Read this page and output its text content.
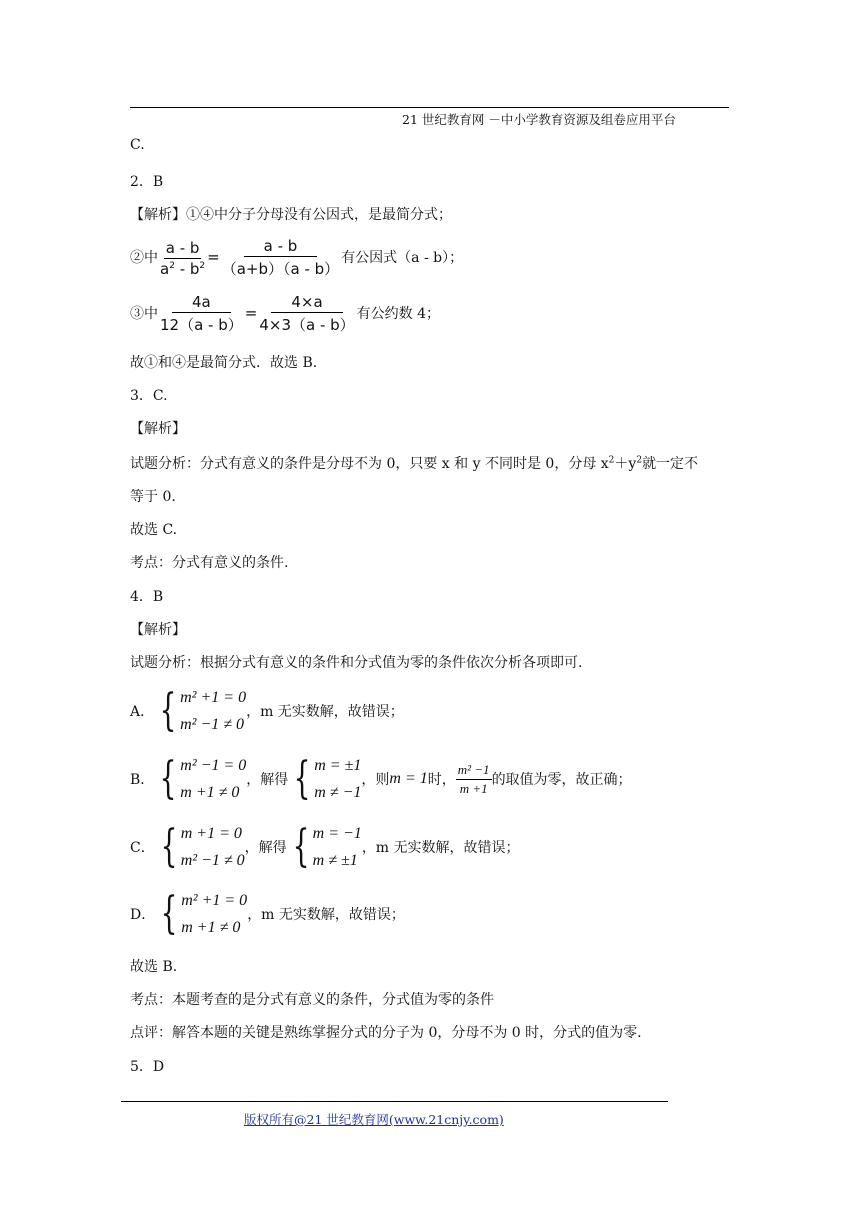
21 世纪教育网 －中小学教育资源及组卷应用平台
C.
2．B
【解析】①④中分子分母没有公因式，是最简分式；
②中 $\frac{a - b}{a^2 - b^2} = \frac{a - b}{(a+b)(a - b)}$ 有公因式（a - b）；
③中 $\frac{4a}{12(a - b)} = \frac{4\times a}{4\times 3(a - b)}$ 有公约数 4；
故①和④是最简分式．故选 B.
3．C.
【解析】
试题分析：分式有意义的条件是分母不为 0，只要 x 和 y 不同时是 0，分母 $x^2+y^2$就一定不
等于 0.
故选 C.
考点：分式有意义的条件.
4．B
【解析】
试题分析：根据分式有意义的条件和分式值为零的条件依次分析各项即可.
A． { m² +1 = 0
m² −1 ≠ 0
，m 无实数解，故错误；
B． { m² −1 = 0
m +1 ≠ 0
，解得 { m = ±1
m ≠ −1
，则m = 1时， $\frac{\text{m² −1}}{m +1}$ 的取值为零，故正确；
C． { m +1 = 0
m² −1 ≠ 0
，解得 { m = −1
m ≠ ±1
，m 无实数解，故错误；
D． { m² +1 = 0
m +1 ≠ 0
，m 无实数解，故错误；
故选 B.
考点：本题考查的是分式有意义的条件，分式值为零的条件
点评：解答本题的关键是熟练掌握分式的分子为 0，分母不为 0 时，分式的值为零.
5．D
版权所有@21 世纪教育网(www.21cnjy.com)
